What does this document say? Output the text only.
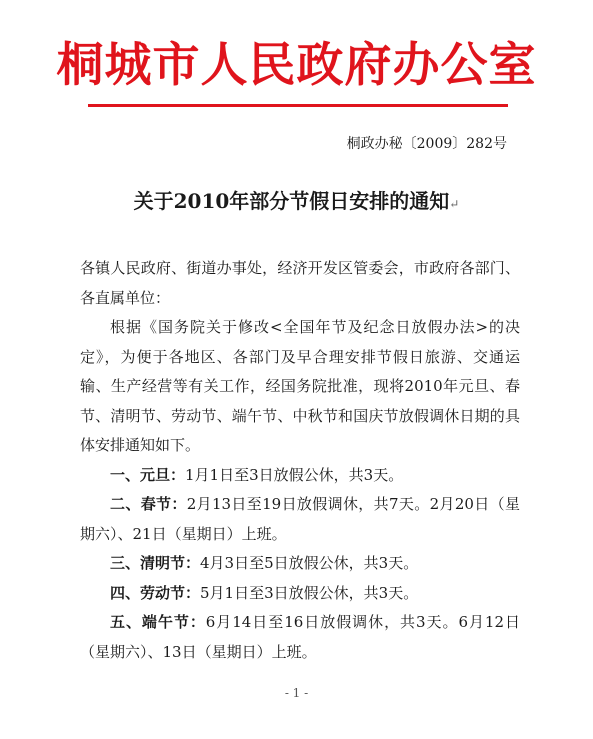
桐城市人民政府办公室
桐政办秘〔2009〕282号
关于2010年部分节假日安排的通知↵

各镇人民政府、街道办事处，经济开发区管委会，市政府各部门、各直属单位：

根据《国务院关于修改<全国年节及纪念日放假办法>的决定》，为便于各地区、各部门及早合理安排节假日旅游、交通运输、生产经营等有关工作，经国务院批准，现将2010年元旦、春节、清明节、劳动节、端午节、中秋节和国庆节放假调休日期的具体安排通知如下。

一、元旦：1月1日至3日放假公休，共3天。

二、春节：2月13日至19日放假调休，共7天。2月20日（星期六）、21日（星期日）上班。

三、清明节：4月3日至5日放假公休，共3天。

四、劳动节：5月1日至3日放假公休，共3天。

五、端午节：6月14日至16日放假调休，共3天。6月12日（星期六）、13日（星期日）上班。

- 1 -
